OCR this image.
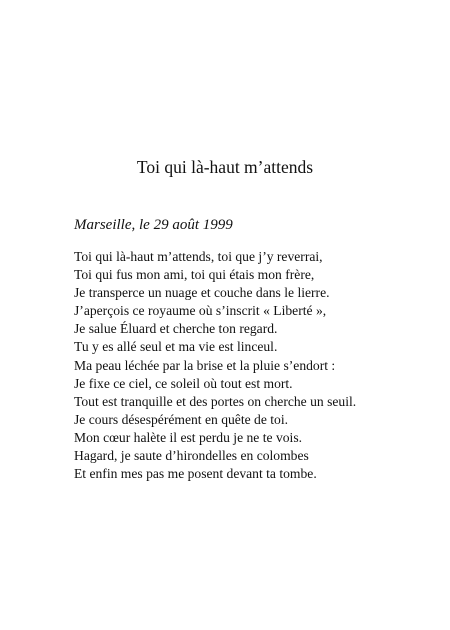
Toi qui là-haut m’attends
Marseille, le 29 août 1999
Toi qui là-haut m’attends, toi que j’y reverrai,
Toi qui fus mon ami, toi qui étais mon frère,
Je transperce un nuage et couche dans le lierre.
J’aperçois ce royaume où s’inscrit « Liberté »,
Je salue Éluard et cherche ton regard.
Tu y es allé seul et ma vie est linceul.
Ma peau léchée par la brise et la pluie s’endort :
Je fixe ce ciel, ce soleil où tout est mort.
Tout est tranquille et des portes on cherche un seuil.
Je cours désespérément en quête de toi.
Mon cœur halète il est perdu je ne te vois.
Hagard, je saute d’hirondelles en colombes
Et enfin mes pas me posent devant ta tombe.
